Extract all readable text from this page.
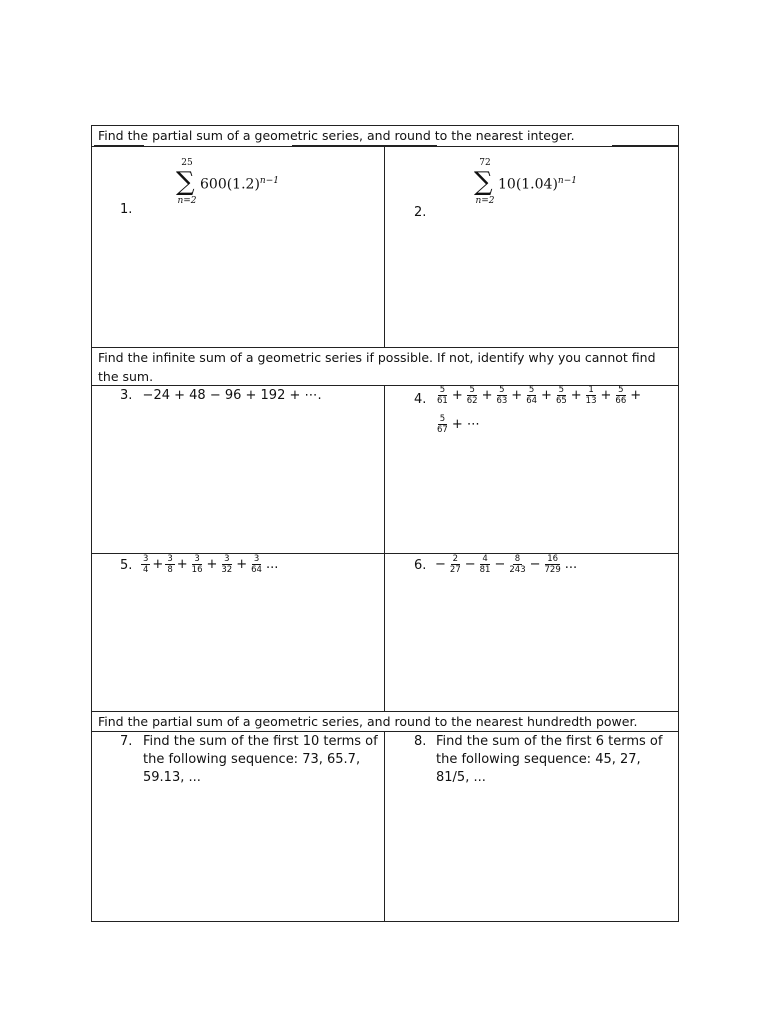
Find the partial sum of a geometric series, and round to the nearest integer.
Find the infinite sum of a geometric series if possible. If not, identify why you cannot find the sum.
Find the partial sum of a geometric series, and round to the nearest hundredth power.
1.
25
∑
n=2
$600(1.2)^{n-1}$
2.
72
∑
n=2
$10(1.04)^{n-1}$
3. −24 + 48 − 96 + 192 + ⋯.	4. $\frac{5}{61} + \frac{5}{62} + \frac{5}{63} + \frac{5}{64} + \frac{5}{65} + \frac{1}{13} + \frac{5}{66}$ +
$\frac{5}{67}$ + ⋯
5. $\frac{3}{4} + \frac{3}{8} + \frac{3}{16} + \frac{3}{32} + \frac{3}{64}$ ...	6. − $\frac{2}{27} - \frac{4}{81} - \frac{8}{243} - \frac{16}{729}$ ...
7. Find the sum of the first 10 terms of
the following sequence: 73, 65.7,
59.13, ...
8. Find the sum of the first 6 terms of
the following sequence: 45, 27,
81/5, ...
